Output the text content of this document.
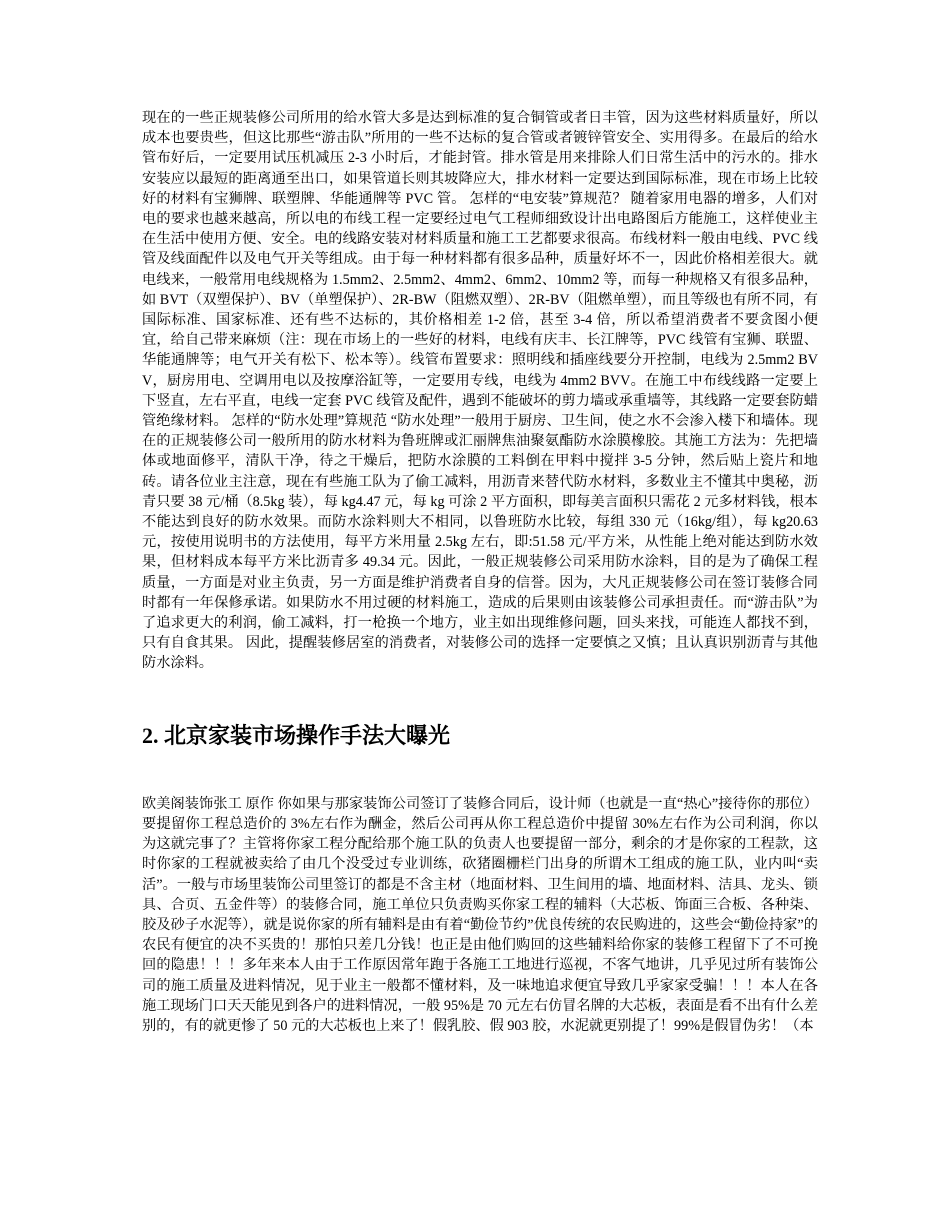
现在的一些正规装修公司所用的给水管大多是达到标准的复合铜管或者日丰管，因为这些材料质量好，所以成本也要贵些，但这比那些“游击队”所用的一些不达标的复合管或者镀锌管安全、实用得多。在最后的给水管布好后，一定要用试压机减压 2-3 小时后，才能封管。排水管是用来排除人们日常生活中的污水的。排水安装应以最短的距离通至出口，如果管道长则其坡降应大，排水材料一定要达到国际标准，现在市场上比较好的材料有宝狮牌、联塑牌、华能通牌等 PVC 管。 怎样的“电安装”算规范？ 随着家用电器的增多，人们对电的要求也越来越高，所以电的布线工程一定要经过电气工程师细致设计出电路图后方能施工，这样使业主在生活中使用方便、安全。电的线路安装对材料质量和施工工艺都要求很高。布线材料一般由电线、PVC 线管及线面配件以及电气开关等组成。由于每一种材料都有很多品种，质量好坏不一，因此价格相差很大。就电线来，一般常用电线规格为 1.5mm2、2.5mm2、4mm2、6mm2、10mm2 等，而每一种规格又有很多品种，如 BVT（双塑保护）、BV（单塑保护）、2R-BW（阻燃双塑）、2R-BV（阻燃单塑），而且等级也有所不同，有国际标准、国家标准、还有些不达标的，其价格相差 1-2 倍，甚至 3-4 倍，所以希望消费者不要贪图小便宜，给自己带来麻烦（注：现在市场上的一些好的材料，电线有庆丰、长江牌等，PVC 线管有宝狮、联盟、华能通牌等；电气开关有松下、松本等）。线管布置要求：照明线和插座线要分开控制，电线为 2.5mm2 BVV，厨房用电、空调用电以及按摩浴缸等，一定要用专线，电线为 4mm2 BVV。在施工中布线线路一定要上下竖直，左右平直，电线一定套 PVC 线管及配件，遇到不能破坏的剪力墙或承重墙等，其线路一定要套防蜡管绝缘材料。 怎样的“防水处理”算规范 “防水处理”一般用于厨房、卫生间，使之水不会渗入楼下和墙体。现在的正规装修公司一般所用的防水材料为鲁班牌或汇丽牌焦油聚氨酯防水涂膜橡胶。其施工方法为：先把墙体或地面修平，清队干净，待之干燥后，把防水涂膜的工料倒在甲料中搅拌 3-5 分钟，然后贴上瓷片和地砖。请各位业主注意，现在有些施工队为了偷工减料，用沥青来替代防水材料，多数业主不懂其中奥秘，沥青只要 38 元/桶（8.5kg 装），每 kg4.47 元，每 kg 可涂 2 平方面积，即每美言面积只需花 2 元多材料钱，根本不能达到良好的防水效果。而防水涂料则大不相同，以鲁班防水比较，每组 330 元（16kg/组），每 kg20.63 元，按使用说明书的方法使用，每平方米用量 2.5kg 左右，即:51.58 元/平方米，从性能上绝对能达到防水效果，但材料成本每平方米比沥青多 49.34 元。因此，一般正规装修公司采用防水涂料，目的是为了确保工程质量，一方面是对业主负责，另一方面是维护消费者自身的信誉。因为，大凡正规装修公司在签订装修合同时都有一年保修承诺。如果防水不用过硬的材料施工，造成的后果则由该装修公司承担责任。而“游击队”为了追求更大的利润，偷工减料，打一枪换一个地方，业主如出现维修问题，回头来找，可能连人都找不到，只有自食其果。 因此，提醒装修居室的消费者，对装修公司的选择一定要慎之又慎；且认真识别沥青与其他防水涂料。

2. 北京家装市场操作手法大曝光

欧美阁装饰张工 原作 你如果与那家装饰公司签订了装修合同后，设计师（也就是一直“热心”接待你的那位）要提留你工程总造价的 3%左右作为酬金，然后公司再从你工程总造价中提留 30%左右作为公司利润，你以为这就完事了？主管将你家工程分配给那个施工队的负责人也要提留一部分，剩余的才是你家的工程款，这时你家的工程就被卖给了由几个没受过专业训练，砍猪圈栅栏门出身的所谓木工组成的施工队，业内叫“卖活”。一般与市场里装饰公司里签订的都是不含主材（地面材料、卫生间用的墙、地面材料、洁具、龙头、锁具、合页、五金件等）的装修合同，施工单位只负责购买你家工程的辅料（大芯板、饰面三合板、各种柒、胶及砂子水泥等），就是说你家的所有辅料是由有着“勤俭节约”优良传统的农民购进的，这些会“勤俭持家”的农民有便宜的决不买贵的！那怕只差几分钱！也正是由他们购回的这些辅料给你家的装修工程留下了不可挽回的隐患！！！多年来本人由于工作原因常年跑于各施工工地进行巡视，不客气地讲，几乎见过所有装饰公司的施工质量及进料情况，见于业主一般都不懂材料，及一味地追求便宜导致几乎家家受骗！！！本人在各施工现场门口天天能见到各户的进料情况，一般 95%是 70 元左右仿冒名牌的大芯板，表面是看不出有什么差别的，有的就更惨了 50 元的大芯板也上来了！假乳胶、假 903 胶，水泥就更别提了！99%是假冒伪劣！（本
